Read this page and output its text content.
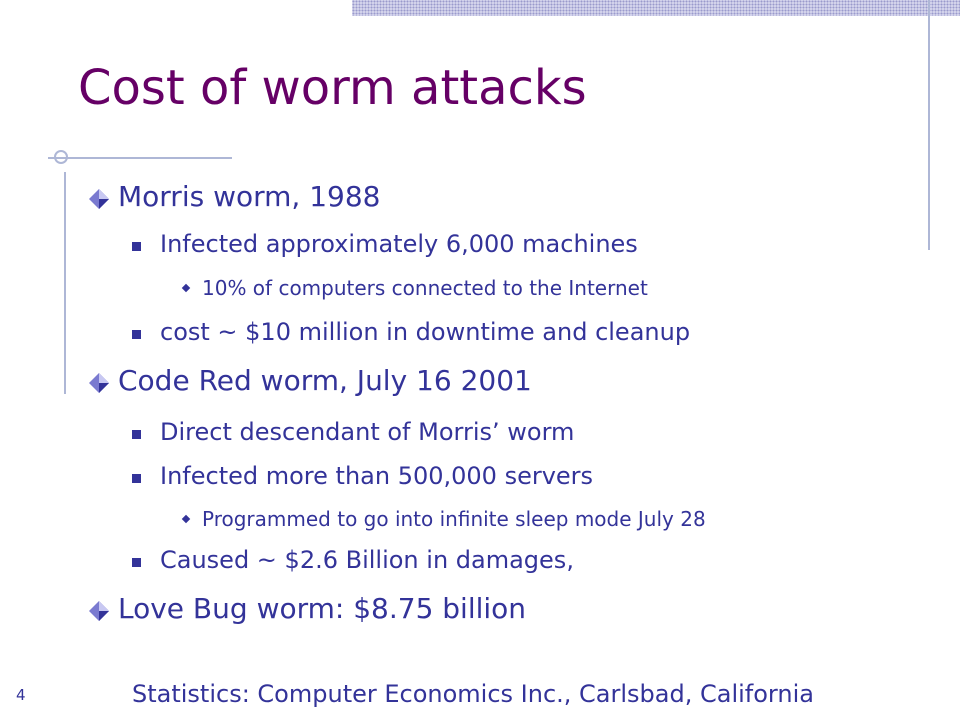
Cost of worm attacks
Morris worm, 1988
Infected approximately 6,000 machines
10% of computers connected to the Internet
cost ~ $10 million in downtime and cleanup
Code Red worm, July 16 2001
Direct descendant of Morris’ worm
Infected more than 500,000 servers
Programmed to go into infinite sleep mode July 28
Caused ~ $2.6 Billion in damages,
Love Bug worm: $8.75 billion
4	Statistics: Computer Economics Inc., Carlsbad, California
